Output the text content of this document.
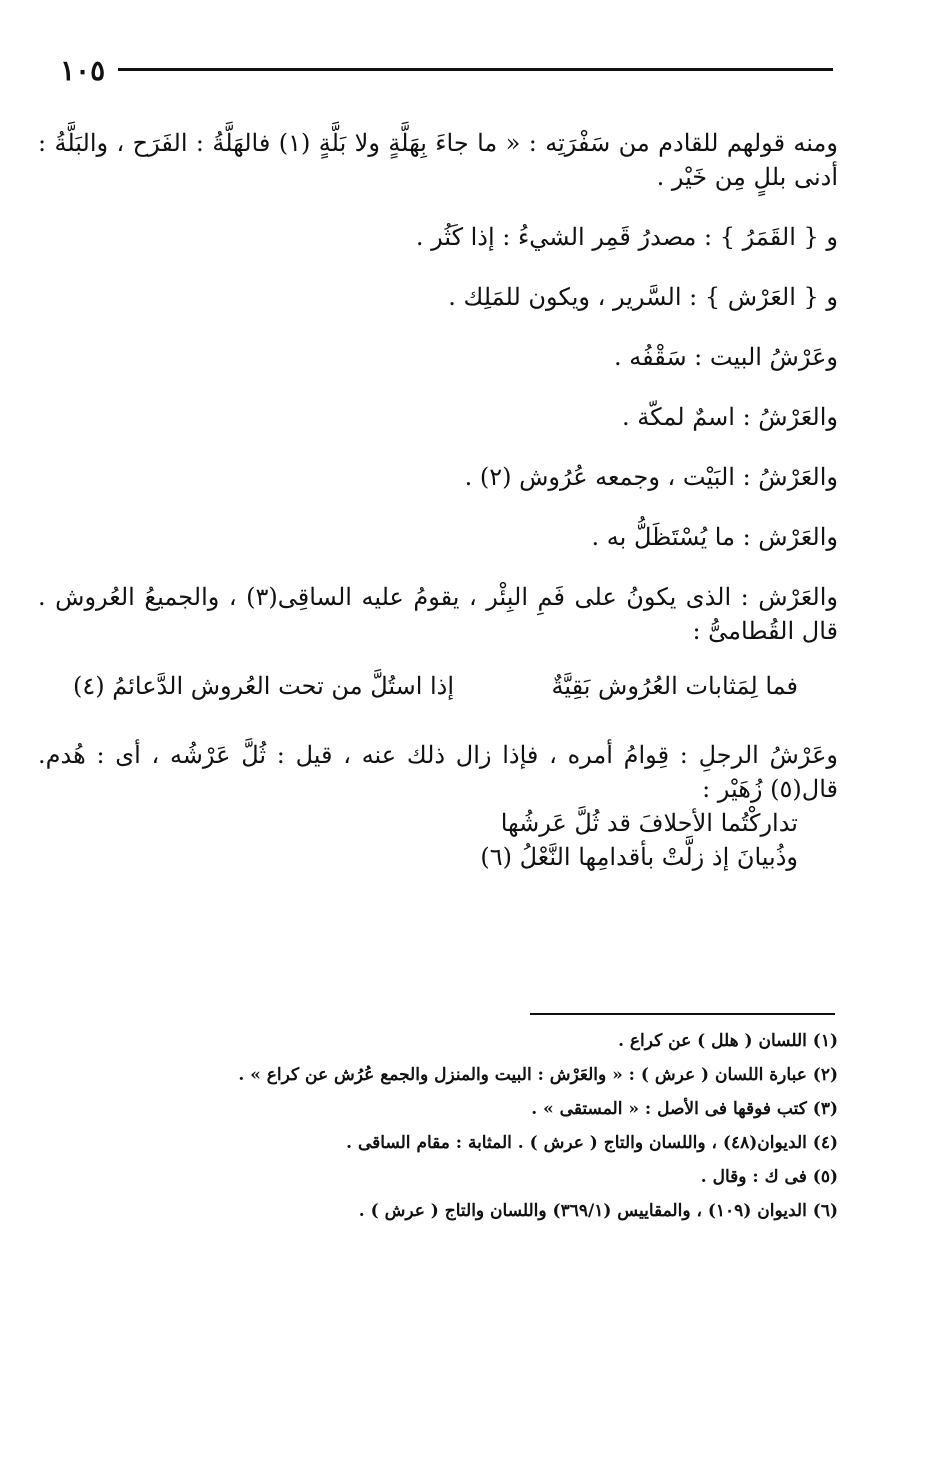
١٠٥

ومنه قولهم للقادم من سَفْرَتِه : « ما جاءَ بِهَلَّةٍ ولا بَلَّةٍ (١) فالهَلَّةُ : الفَرَح ، والبَلَّةُ : أدنى بللٍ مِن خَيْر .

و { القَمَرُ } : مصدرُ قَمِر الشيءُ : إذا كَثُر .

و { العَرْش } : السَّرير ، ويكون للمَلِك .

وعَرْشُ البيت : سَقْفُه .

والعَرْشُ : اسمٌ لمكّة .

والعَرْشُ : البَيْت ، وجمعه عُرُوش (٢) .

والعَرْش : ما يُسْتَظَلُّ به .

والعَرْش : الذى يكونُ على فَمِ البِئْر ، يقومُ عليه الساقِى(٣) ، والجميعُ العُروش . قال القُطامىُّ :

فما لِمَثابات العُرُوش بَقِيَّةٌ
إذا استُلَّ من تحت العُروش الدَّعائمُ (٤)

وعَرْشُ الرجلِ : قِوامُ أمره ، فإذا زال ذلك عنه ، قيل : ثُلَّ عَرْشُه ، أى : هُدم. قال(٥) زُهَيْر :

تداركْتُما الأحلافَ قد ثُلَّ عَرشُها

وذُبيانَ إذ زلَّتْ بأقدامِها النَّعْلُ (٦)

(١) اللسان ( هلل ) عن كراع .

(٢) عبارة اللسان ( عرش ) : « والعَرْش : البيت والمنزل والجمع عُرُش عن كراع » .

(٣) كتب فوقها فى الأصل : « المستقى » .

(٤) الديوان(٤٨) ، واللسان والتاج ( عرش ) . المثابة : مقام الساقى .

(٥) فى ك : وقال .

(٦) الديوان (١٠٩) ، والمقاييس (٣٦٩/١) واللسان والتاج ( عرش ) .
